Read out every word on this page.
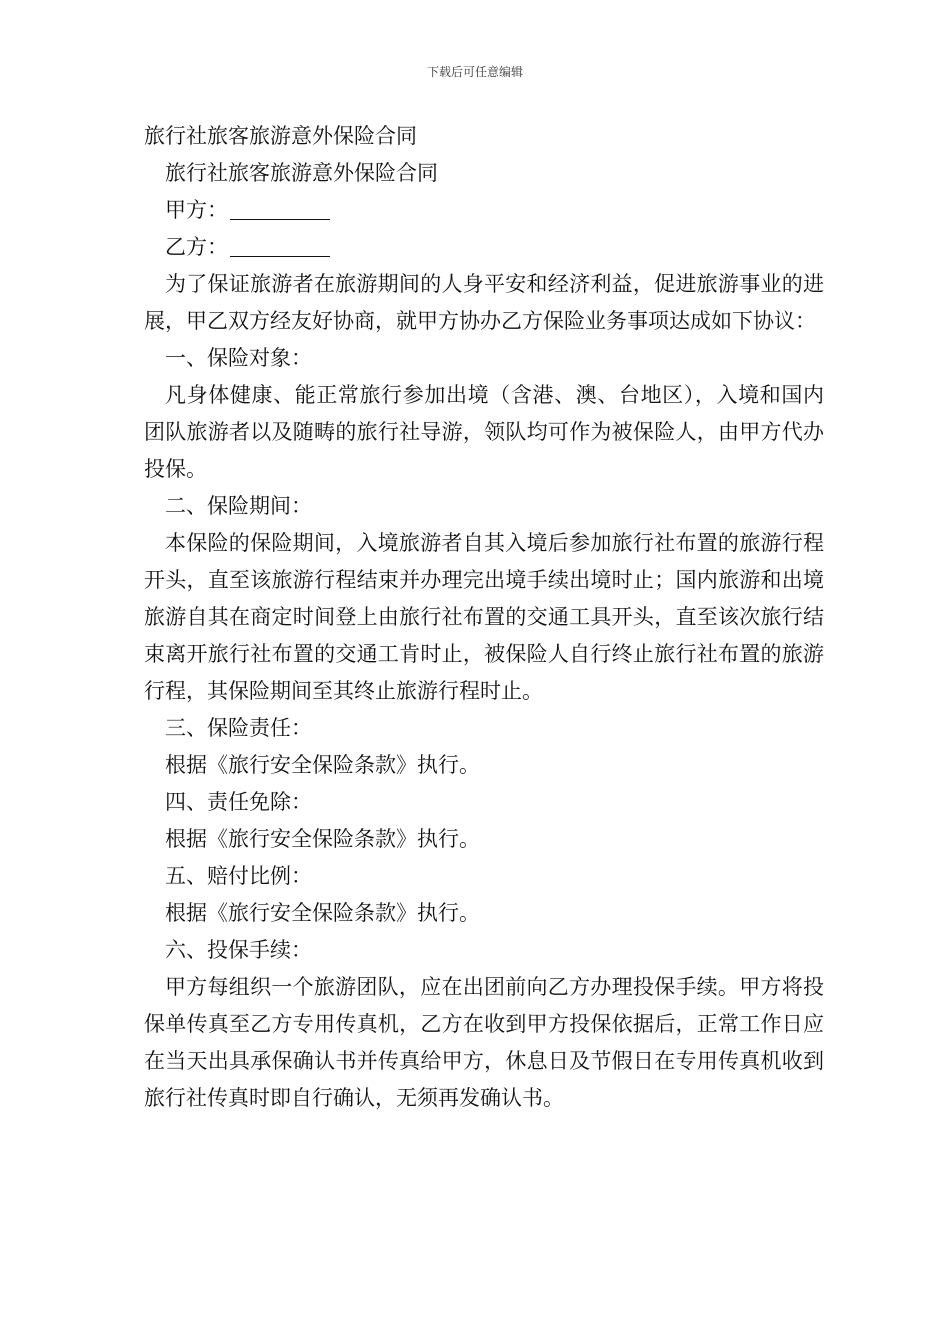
下载后可任意编辑

旅行社旅客旅游意外保险合同

旅行社旅客旅游意外保险合同

甲方：

乙方：

为了保证旅游者在旅游期间的人身平安和经济利益，促进旅游事业的进展，甲乙双方经友好协商，就甲方协办乙方保险业务事项达成如下协议：

一、保险对象：

凡身体健康、能正常旅行参加出境（含港、澳、台地区），入境和国内团队旅游者以及随畴的旅行社导游，领队均可作为被保险人，由甲方代办投保。

二、保险期间：

本保险的保险期间，入境旅游者自其入境后参加旅行社布置的旅游行程开头，直至该旅游行程结束并办理完出境手续出境时止；国内旅游和出境旅游自其在商定时间登上由旅行社布置的交通工具开头，直至该次旅行结束离开旅行社布置的交通工肯时止，被保险人自行终止旅行社布置的旅游行程，其保险期间至其终止旅游行程时止。

三、保险责任：

根据《旅行安全保险条款》执行。

四、责任免除：

根据《旅行安全保险条款》执行。

五、赔付比例：

根据《旅行安全保险条款》执行。

六、投保手续：

甲方每组织一个旅游团队，应在出团前向乙方办理投保手续。甲方将投保单传真至乙方专用传真机，乙方在收到甲方投保依据后，正常工作日应在当天出具承保确认书并传真给甲方，休息日及节假日在专用传真机收到旅行社传真时即自行确认，无须再发确认书。
